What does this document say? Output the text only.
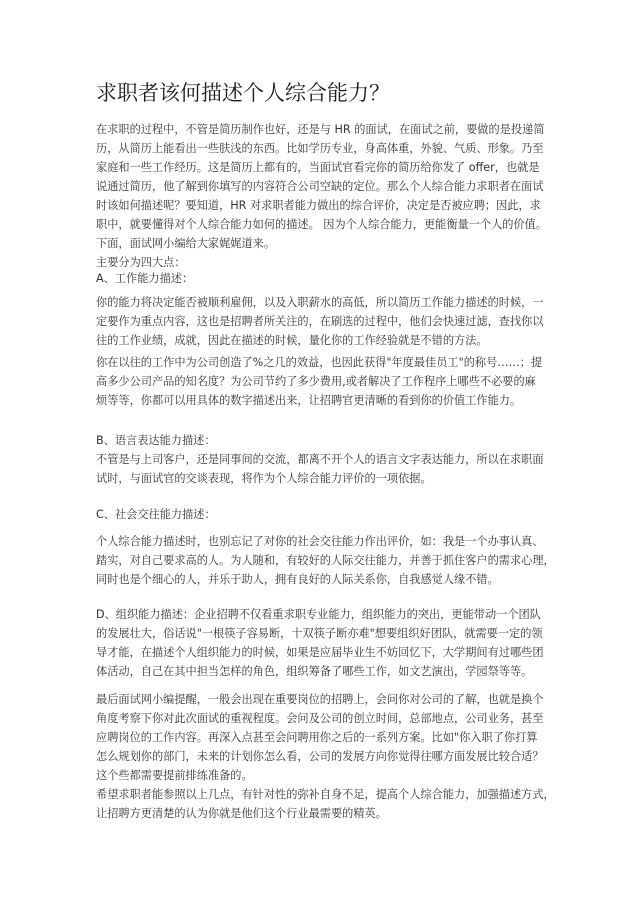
求职者该何描述个人综合能力？

在求职的过程中，不管是简历制作也好，还是与 HR 的面试，在面试之前，要做的是投递简
历，从简历上能看出一些肤浅的东西。比如学历专业，身高体重，外貌、气质、形象。乃至
家庭和一些工作经历。这是简历上都有的，当面试官看完你的简历给你发了 offer，也就是
说通过简历，他了解到你填写的内容符合公司空缺的定位。那么个人综合能力求职者在面试
时该如何描述呢？要知道，HR 对求职者能力做出的综合评价，决定是否被应聘；因此，求
职中，就要懂得对个人综合能力如何的描述。 因为个人综合能力，更能衡量一个人的价值。
下面，面试网小编给大家娓娓道来。
主要分为四大点：

A、工作能力描述：

你的能力将决定能否被顺利雇佣，以及入职薪水的高低，所以简历工作能力描述的时候，一
定要作为重点内容，这也是招聘者所关注的，在刷选的过程中，他们会快速过滤，查找你以
往的工作业绩，成就，因此在描述的时候，量化你的工作经验就是不错的方法。

你在以往的工作中为公司创造了%之几的效益，也因此获得"年度最佳员工"的称号……；提
高多少公司产品的知名度？为公司节约了多少费用,或者解决了工作程序上哪些不必要的麻
烦等等，你都可以用具体的数字描述出来，让招聘官更清晰的看到你的价值工作能力。

B、语言表达能力描述：

不管是与上司客户，还是同事间的交流，都离不开个人的语言文字表达能力，所以在求职面
试时，与面试官的交谈表现，将作为个人综合能力评价的一项依据。

C、社会交往能力描述：

个人综合能力描述时，也别忘记了对你的社会交往能力作出评价，如：我是一个办事认真、
踏实，对自己要求高的人。为人随和，有较好的人际交往能力，并善于抓住客户的需求心理，
同时也是个细心的人，并乐于助人，拥有良好的人际关系你，自我感觉人缘不错。

D、组织能力描述：企业招聘不仅看重求职专业能力，组织能力的突出，更能带动一个团队
的发展壮大，俗话说"一根筷子容易断，十双筷子断亦难"想要组织好团队，就需要一定的领
导才能，在描述个人组织能力的时候，如果是应届毕业生不妨回忆下，大学期间有过哪些团
体活动，自己在其中担当怎样的角色，组织筹备了哪些工作，如文艺演出，学园祭等等。

最后面试网小编提醒，一般会出现在重要岗位的招聘上，会问你对公司的了解，也就是换个
角度考察下你对此次面试的重视程度。会问及公司的创立时间，总部地点，公司业务，甚至
应聘岗位的工作内容。再深入点甚至会问聘用你之后的一系列方案。比如"你入职了你打算
怎么规划你的部门，未来的计划你怎么看，公司的发展方向你觉得往哪方面发展比较合适？
这个些都需要提前排练准备的。

希望求职者能参照以上几点，有针对性的弥补自身不足，提高个人综合能力，加强描述方式，
让招聘方更清楚的认为你就是他们这个行业最需要的精英。
